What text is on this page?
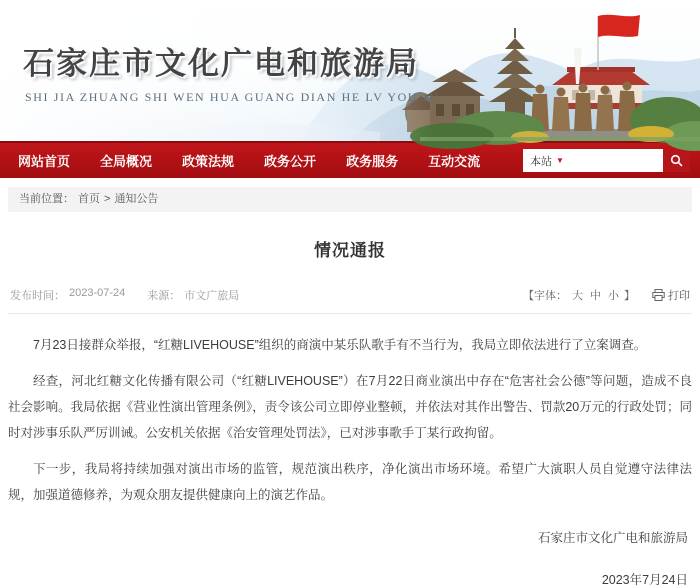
石家庄市文化广电和旅游局
SHI JIA ZHUANG SHI WEN HUA GUANG DIAN HE LV YOU JU
网站首页	全局概况	政策法规	政务公开	政务服务	互动交流	本站 ▼
当前位置： 首页 > 通知公告
情况通报
发布时间： 2023-07-24 来源： 市文广旅局	【字体： 大 中 小 】	打印

7月23日接群众举报，“红糖LIVEHOUSE”组织的商演中某乐队歌手有不当行为，我局立即依法进行了立案调查。

经查，河北红糖文化传播有限公司（“红糖LIVEHOUSE”）在7月22日商业演出中存在“危害社会公德”等问题，造成不良社会影响。我局依据《营业性演出管理条例》，责令该公司立即停业整顿，并依法对其作出警告、罚款20万元的行政处罚；同时对涉事乐队严厉训诫。公安机关依据《治安管理处罚法》，已对涉事歌手丁某行政拘留。

下一步，我局将持续加强对演出市场的监管，规范演出秩序，净化演出市场环境。希望广大演职人员自觉遵守法律法规，加强道德修养，为观众朋友提供健康向上的演艺作品。

石家庄市文化广电和旅游局
2023年7月24日
